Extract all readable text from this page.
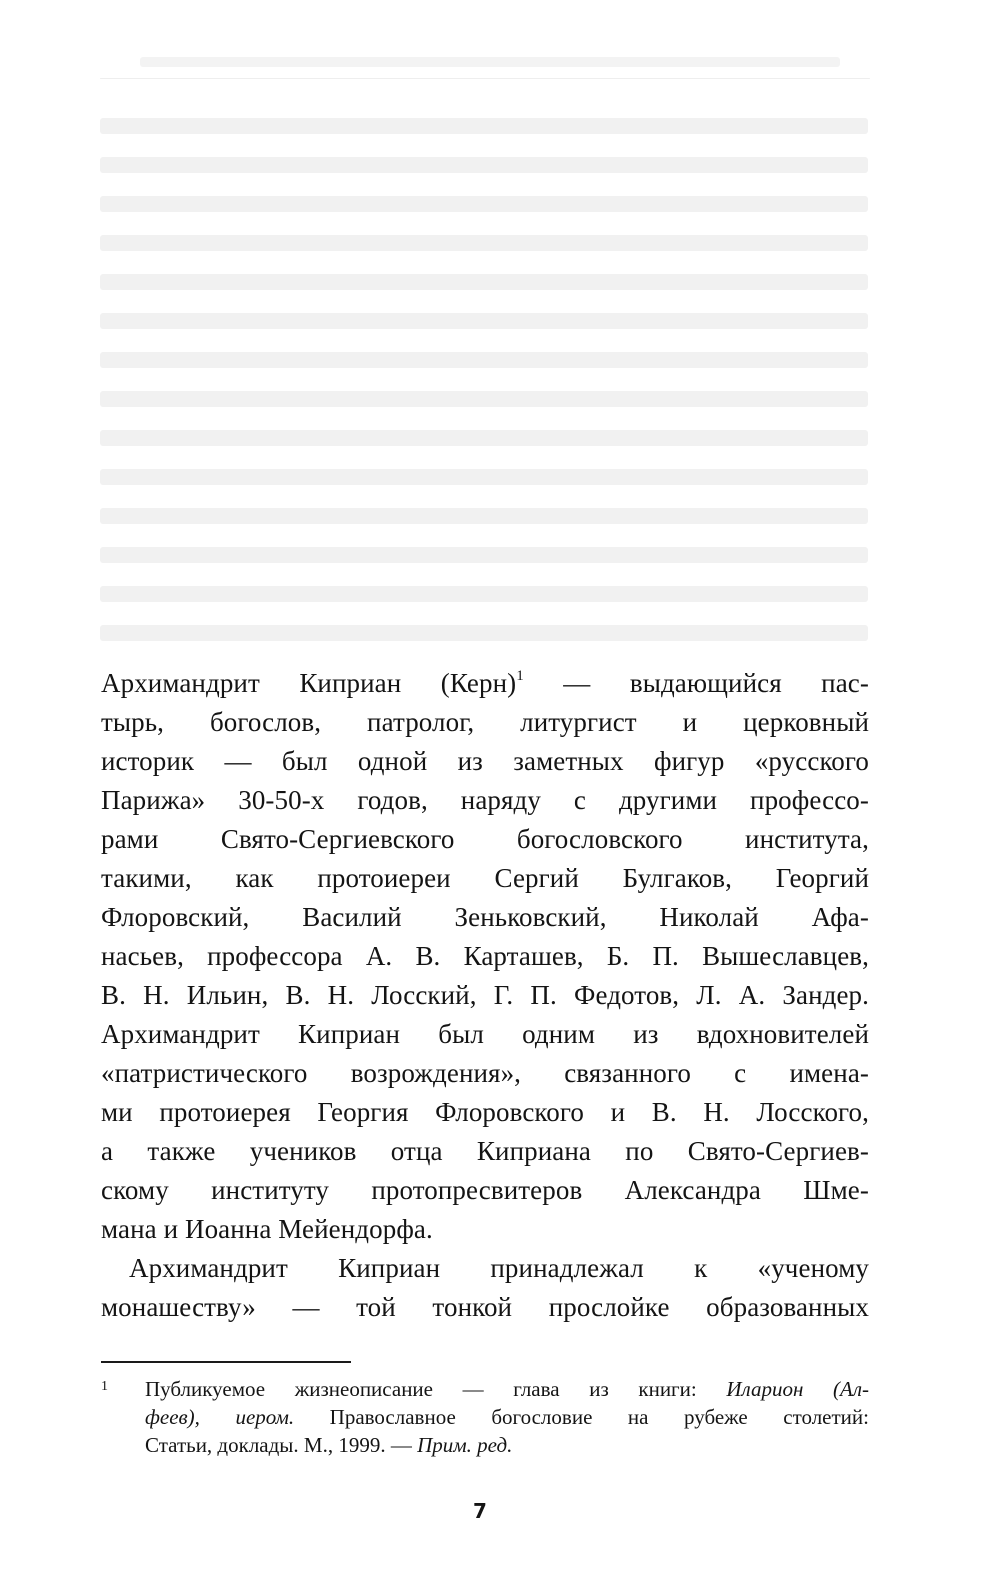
Архимандрит Киприан (Керн)$^1$ — выдающийся пас-
тырь, богослов, патролог, литургист и церковный
историк — был одной из заметных фигур «русского
Парижа» 30-50-х годов, наряду с другими профессо-
рами Свято-Сергиевского богословского института,
такими, как протоиереи Сергий Булгаков, Георгий
Флоровский, Василий Зеньковский, Николай Афа-
насьев, профессора А. В. Карташев, Б. П. Вышеславцев,
В. Н. Ильин, В. Н. Лосский, Г. П. Федотов, Л. А. Зандер.
Архимандрит Киприан был одним из вдохновителей
«патристического возрождения», связанного с имена-
ми протоиерея Георгия Флоровского и В. Н. Лосского,
а также учеников отца Киприана по Свято-Сергиев-
скому институту протопресвитеров Александра Шме-
мана и Иоанна Мейендорфа.
Архимандрит Киприан принадлежал к «ученому
монашеству» — той тонкой прослойке образованных
1 Публикуемое жизнеописание — глава из книги: Иларион (Ал-
феев), иером. Православное богословие на рубеже столетий:
Статьи, доклады. М., 1999. — Прим. ред.
7
